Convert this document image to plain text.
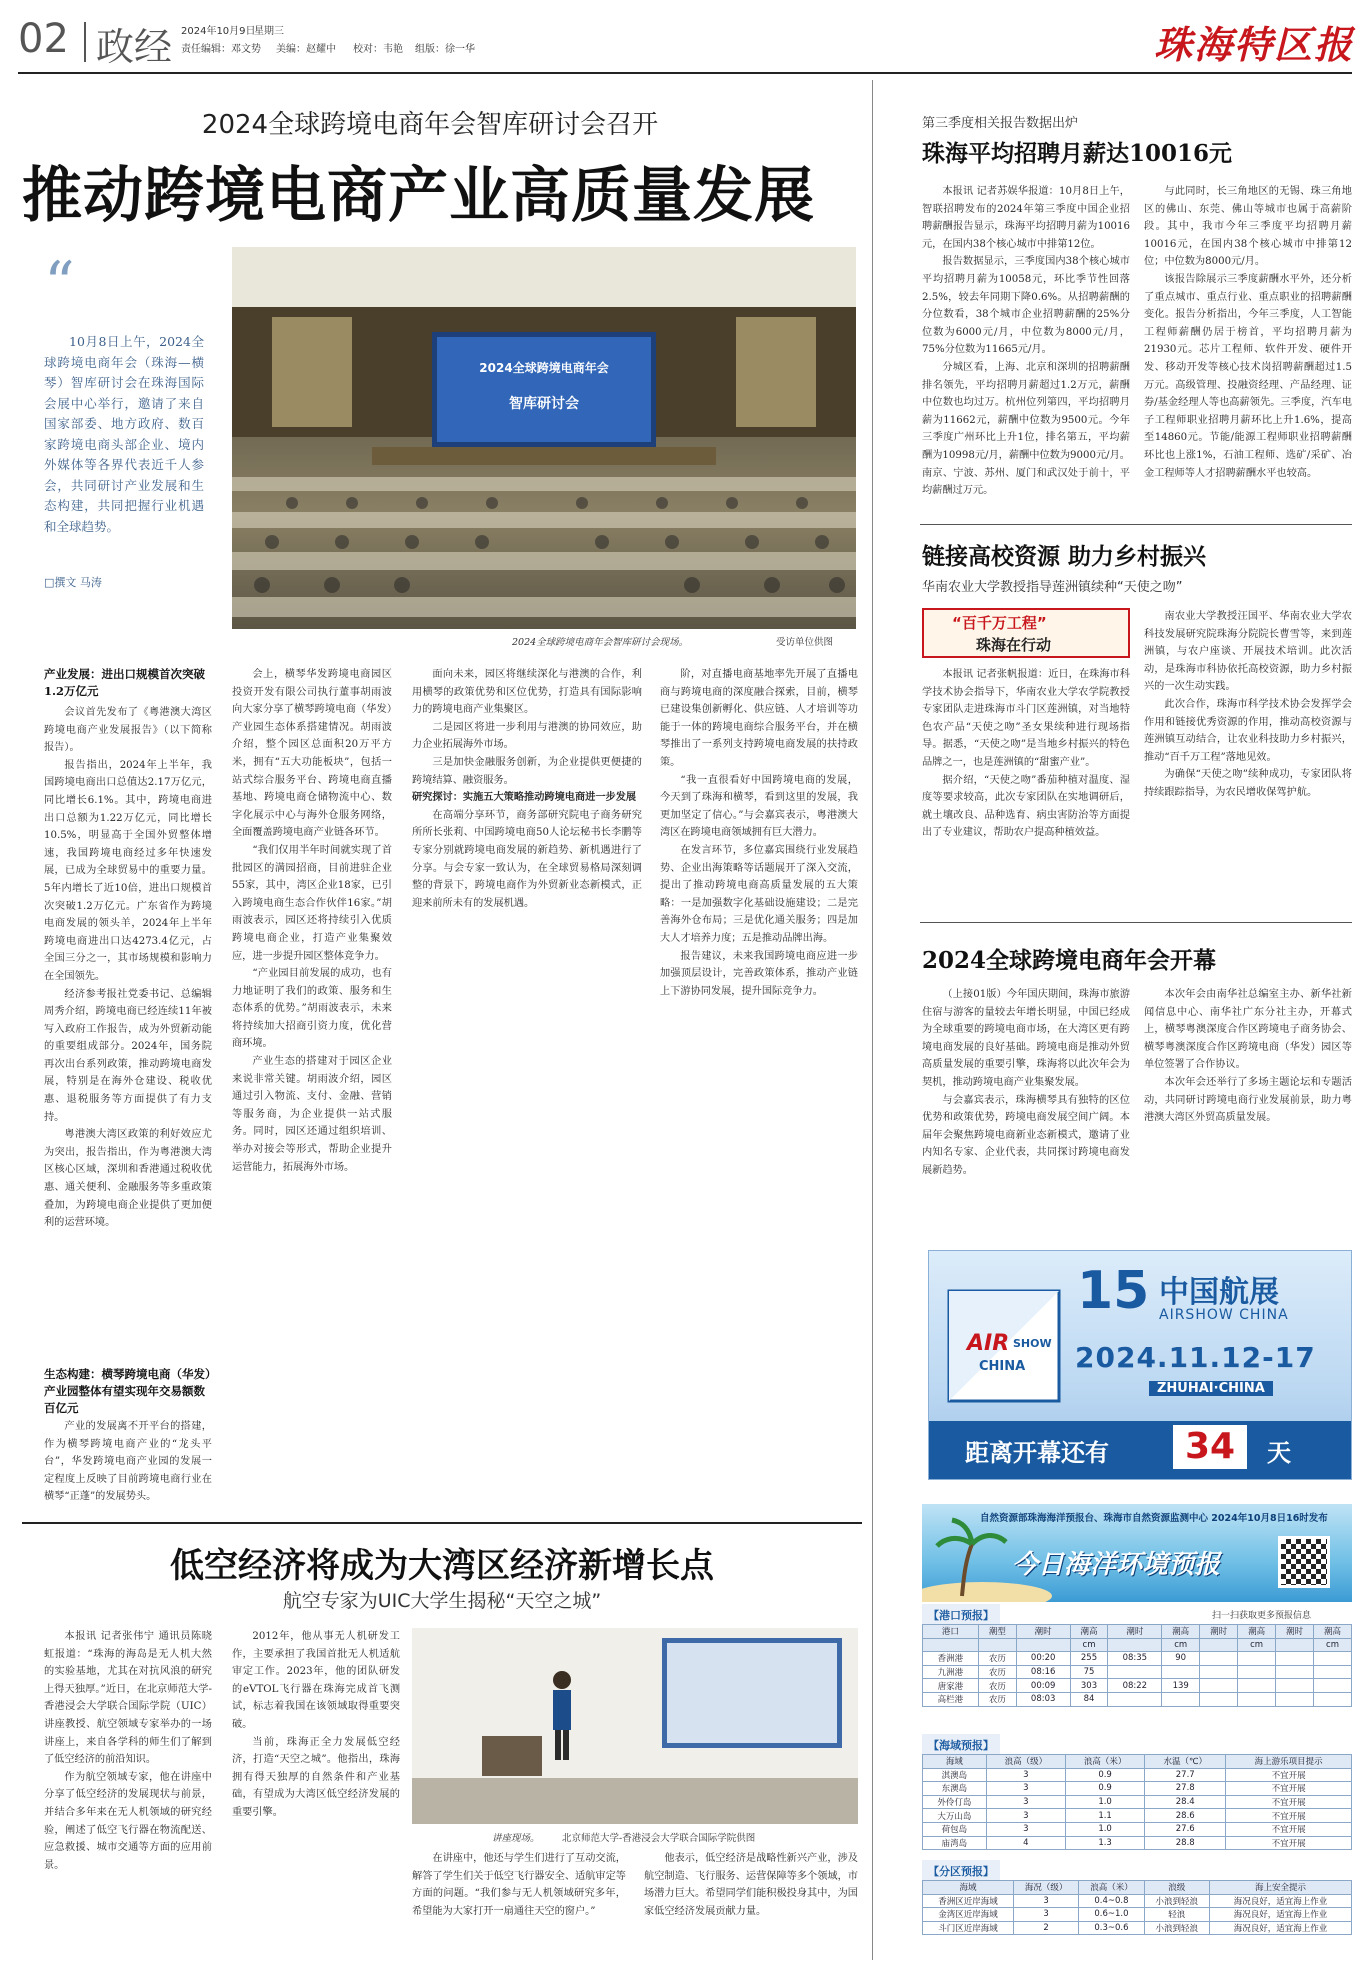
02 政经 2024年10月9日
星期三
责任编辑：邓文势 美编：赵耀中 校对：韦艳 组版：徐一华	珠海特区报
2024全球跨境电商年会智库研讨会召开
推动跨境电商产业高质量发展
“
10月8日上午，2024全球跨境电商年会（珠海—横琴）智库研讨会在珠海国际会展中心举行，邀请了来自国家部委、地方政府、数百家跨境电商头部企业、境内外媒体等各界代表近千人参会，共同研讨产业发展和生态构建，共同把握行业机遇和全球趋势。
□撰文 马涛
2024全球跨境电商年会
智库研讨会
2024全球跨境电商年会智库研讨会现场。	受访单位供图
产业发展：进出口规模首次突破1.2万亿元

会议首先发布了《粤港澳大湾区跨境电商产业发展报告》（以下简称报告）。

报告指出，2024年上半年，我国跨境电商出口总值达2.17万亿元，同比增长6.1%。其中，跨境电商进出口总额为1.22万亿元，同比增长10.5%，明显高于全国外贸整体增速，我国跨境电商经过多年快速发展，已成为全球贸易中的重要力量。5年内增长了近10倍，进出口规模首次突破1.2万亿元。广东省作为跨境电商发展的领头羊，2024年上半年跨境电商进出口达4273.4亿元，占全国三分之一，其市场规模和影响力在全国领先。

经济参考报社党委书记、总编辑周秀介绍，跨境电商已经连续11年被写入政府工作报告，成为外贸新动能的重要组成部分。2024年，国务院再次出台系列政策，推动跨境电商发展，特别是在海外仓建设、税收优惠、退税服务等方面提供了有力支持。

粤港澳大湾区政策的利好效应尤为突出，报告指出，作为粤港澳大湾区核心区域，深圳和香港通过税收优惠、通关便利、金融服务等多重政策叠加，为跨境电商企业提供了更加便利的运营环境。

生态构建：横琴跨境电商（华发）产业园整体有望实现年交易额数百亿元

产业的发展离不开平台的搭建，作为横琴跨境电商产业的“龙头平台”，华发跨境电商产业园的发展一定程度上反映了目前跨境电商行业在横琴“正蓬”的发展势头。

会上，横琴华发跨境电商园区投资开发有限公司执行董事胡雨波向大家分享了横琴跨境电商（华发）产业园生态体系搭建情况。胡雨波介绍，整个园区总面积20万平方米，拥有“五大功能板块”，包括一站式综合服务平台、跨境电商直播基地、跨境电商仓储物流中心、数字化展示中心与海外仓服务网络，全面覆盖跨境电商产业链各环节。

“我们仅用半年时间就实现了首批园区的满园招商，目前进驻企业55家，其中，湾区企业18家，已引入跨境电商生态合作伙伴16家。”胡雨波表示，园区还将持续引入优质跨境电商企业，打造产业集聚效应，进一步提升园区整体竞争力。

“产业园目前发展的成功，也有力地证明了我们的政策、服务和生态体系的优势。”胡雨波表示，未来将持续加大招商引资力度，优化营商环境。

产业生态的搭建对于园区企业来说非常关键。胡雨波介绍，园区通过引入物流、支付、金融、营销等服务商，为企业提供一站式服务。同时，园区还通过组织培训、举办对接会等形式，帮助企业提升运营能力，拓展海外市场。

面向未来，园区将继续深化与港澳的合作，利用横琴的政策优势和区位优势，打造具有国际影响力的跨境电商产业集聚区。

二是园区将进一步利用与港澳的协同效应，助力企业拓展海外市场。

三是加快金融服务创新，为企业提供更便捷的跨境结算、融资服务。

研究探讨：实施五大策略推动跨境电商进一步发展

在高端分享环节，商务部研究院电子商务研究所所长张莉、中国跨境电商50人论坛秘书长李鹏等专家分别就跨境电商发展的新趋势、新机遇进行了分享。与会专家一致认为，在全球贸易格局深刻调整的背景下，跨境电商作为外贸新业态新模式，正迎来前所未有的发展机遇。

阶，对直播电商基地率先开展了直播电商与跨境电商的深度融合探索，目前，横琴已建设集创新孵化、供应链、人才培训等功能于一体的跨境电商综合服务平台，并在横琴推出了一系列支持跨境电商发展的扶持政策。

“我一直很看好中国跨境电商的发展，今天到了珠海和横琴，看到这里的发展，我更加坚定了信心。”与会嘉宾表示，粤港澳大湾区在跨境电商领域拥有巨大潜力。

在发言环节，多位嘉宾围绕行业发展趋势、企业出海策略等话题展开了深入交流，提出了推动跨境电商高质量发展的五大策略：一是加强数字化基础设施建设；二是完善海外仓布局；三是优化通关服务；四是加大人才培养力度；五是推动品牌出海。

报告建议，未来我国跨境电商应进一步加强顶层设计，完善政策体系，推动产业链上下游协同发展，提升国际竞争力。

低空经济将成为大湾区经济新增长点
航空专家为UIC大学生揭秘“天空之城”

本报讯 记者张伟宁 通讯员陈晓虹报道：“珠海的海岛是无人机大然的实验基地，尤其在对抗风浪的研究上得天独厚。”近日，在北京师范大学-香港浸会大学联合国际学院（UIC）讲座教授、航空领域专家举办的一场讲座上，来自各学科的师生们了解到了低空经济的前沿知识。

作为航空领域专家，他在讲座中分享了低空经济的发展现状与前景，并结合多年来在无人机领域的研究经验，阐述了低空飞行器在物流配送、应急救援、城市交通等方面的应用前景。

2012年，他从事无人机研发工作，主要承担了我国首批无人机适航审定工作。2023年，他的团队研发的eVTOL飞行器在珠海完成首飞测试，标志着我国在该领域取得重要突破。

当前，珠海正全力发展低空经济，打造“天空之城”。他指出，珠海拥有得天独厚的自然条件和产业基础，有望成为大湾区低空经济发展的重要引擎。

讲座现场。 北京师范大学-香港浸会大学联合国际学院供图

在讲座中，他还与学生们进行了互动交流，解答了学生们关于低空飞行器安全、适航审定等方面的问题。“我们参与无人机领域研究多年，希望能为大家打开一扇通往天空的窗户。”

他表示，低空经济是战略性新兴产业，涉及航空制造、飞行服务、运营保障等多个领域，市场潜力巨大。希望同学们能积极投身其中，为国家低空经济发展贡献力量。

第三季度相关报告数据出炉
珠海平均招聘月薪达10016元

本报讯 记者苏娱华报道：10月8日上午，智联招聘发布的2024年第三季度中国企业招聘薪酬报告显示，珠海平均招聘月薪为10016元，在国内38个核心城市中排第12位。

报告数据显示，三季度国内38个核心城市平均招聘月薪为10058元，环比季节性回落2.5%，较去年同期下降0.6%。从招聘薪酬的分位数看，38个城市企业招聘薪酬的25%分位数为6000元/月，中位数为8000元/月，75%分位数为11665元/月。

分城区看，上海、北京和深圳的招聘薪酬排名领先，平均招聘月薪超过1.2万元，薪酬中位数也均过万。杭州位列第四，平均招聘月薪为11662元，薪酬中位数为9500元。今年三季度广州环比上升1位，排名第五，平均薪酬为10998元/月，薪酬中位数为9000元/月。南京、宁波、苏州、厦门和武汉处于前十，平均薪酬过万元。

与此同时，长三角地区的无锡、珠三角地区的佛山、东莞、佛山等城市也属于高薪阶段。其中，我市今年三季度平均招聘月薪10016元，在国内38个核心城市中排第12位；中位数为8000元/月。

该报告除展示三季度薪酬水平外，还分析了重点城市、重点行业、重点职业的招聘薪酬变化。报告分析指出，今年三季度，人工智能工程师薪酬仍居于榜首，平均招聘月薪为21930元。芯片工程师、软件开发、硬件开发、移动开发等核心技术岗招聘薪酬超过1.5万元。高级管理、投融资经理、产品经理、证券/基金经理人等也高薪领先。三季度，汽车电子工程师职业招聘月薪环比上升1.6%，提高至14860元。节能/能源工程师职业招聘薪酬环比也上涨1%，石油工程师、选矿/采矿、冶金工程师等人才招聘薪酬水平也较高。

链接高校资源 助力乡村振兴
华南农业大学教授指导莲洲镇续种“天使之吻”
“百千万工程”
珠海在行动

本报讯 记者张帆报道：近日，在珠海市科学技术协会指导下，华南农业大学农学院教授专家团队走进珠海市斗门区莲洲镇，对当地特色农产品“天使之吻”圣女果续种进行现场指导。据悉，“天使之吻”是当地乡村振兴的特色品牌之一，也是莲洲镇的“甜蜜产业”。

据介绍，“天使之吻”番茄种植对温度、湿度等要求较高，此次专家团队在实地调研后，就土壤改良、品种选育、病虫害防治等方面提出了专业建议，帮助农户提高种植效益。

南农业大学教授汪国平、华南农业大学农科技发展研究院珠海分院院长曹雪等，来到莲洲镇，与农户座谈、开展技术培训。此次活动，是珠海市科协依托高校资源，助力乡村振兴的一次生动实践。

此次合作，珠海市科学技术协会发挥学会作用和链接优秀资源的作用，推动高校资源与莲洲镇互动结合，让农业科技助力乡村振兴，推动“百千万工程”落地见效。

为确保“天使之吻”续种成功，专家团队将持续跟踪指导，为农民增收保驾护航。

2024全球跨境电商年会开幕

（上接01版）今年国庆期间，珠海市旅游住宿与游客的量较去年增长明显，中国已经成为全球重要的跨境电商市场，在大湾区更有跨境电商发展的良好基础。跨境电商是推动外贸高质量发展的重要引擎，珠海将以此次年会为契机，推动跨境电商产业集聚发展。

与会嘉宾表示，珠海横琴具有独特的区位优势和政策优势，跨境电商发展空间广阔。本届年会聚焦跨境电商新业态新模式，邀请了业内知名专家、企业代表，共同探讨跨境电商发展新趋势。

本次年会由南华社总编室主办、新华社新闻信息中心、南华社广东分社主办，开幕式上，横琴粤澳深度合作区跨境电子商务协会、横琴粤澳深度合作区跨境电商（华发）园区等单位签署了合作协议。

本次年会还举行了多场主题论坛和专题活动，共同研讨跨境电商行业发展前景，助力粤港澳大湾区外贸高质量发展。

AIR SHOW
CHINA
15 中国航展
AIRSHOW CHINA
2024.11.12-17
ZHUHAI·CHINA
距离开幕还有	34	天
自然资源部珠海海洋预报台、珠海市自然资源监测中心 2024年10月8日16时发布
今日海洋环境预报
扫一扫获取更多预报信息
【港口预报】
港口	潮型	潮时	潮高	潮时	潮高	潮时	潮高	潮时	潮高
			cm		cm		cm		cm
香洲港	农历	00:20	255	08:35	90				
九洲港	农历	08:16	75						
唐家港	农历	00:09	303	08:22	139				
高栏港	农历	08:03	84						
【海域预报】
海域	浪高（级）	浪高（米）	水温（℃）	海上游乐项目提示
淇澳岛	3	0.9	27.7	不宜开展
东澳岛	3	0.9	27.8	不宜开展
外伶仃岛	3	1.0	28.4	不宜开展
大万山岛	3	1.1	28.6	不宜开展
荷包岛	3	1.0	27.6	不宜开展
庙湾岛	4	1.3	28.8	不宜开展
【分区预报】
海域	海况（级）	浪高（米）	浪级	海上安全提示
香洲区近岸海域	3	0.4~0.8	小浪到轻浪	海况良好，适宜海上作业
金湾区近岸海域	3	0.6~1.0	轻浪	海况良好，适宜海上作业
斗门区近岸海域	2	0.3~0.6	小浪到轻浪	海况良好，适宜海上作业
